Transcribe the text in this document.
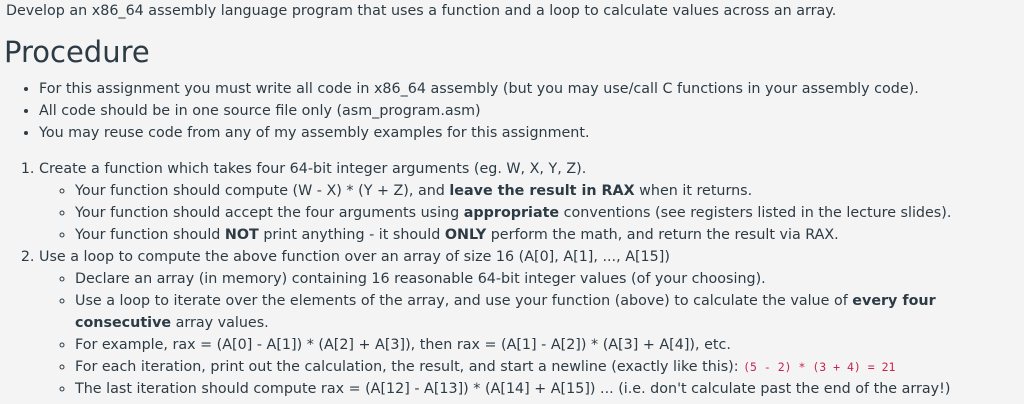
Develop an x86_64 assembly language program that uses a function and a loop to calculate values across an array.

Procedure
• For this assignment you must write all code in x86_64 assembly (but you may use/call C functions in your assembly code).
• All code should be in one source file only (asm_program.asm)
• You may reuse code from any of my assembly examples for this assignment.
1. Create a function which takes four 64-bit integer arguments (eg. W, X, Y, Z).
◦ Your function should compute (W - X) * (Y + Z), and leave the result in RAX when it returns.
◦ Your function should accept the four arguments using appropriate conventions (see registers listed in the lecture slides).
◦ Your function should NOT print anything - it should ONLY perform the math, and return the result via RAX.
2. Use a loop to compute the above function over an array of size 16 (A[0], A[1], ..., A[15])
◦ Declare an array (in memory) containing 16 reasonable 64-bit integer values (of your choosing).
◦ Use a loop to iterate over the elements of the array, and use your function (above) to calculate the value of every four
consecutive array values.
◦ For example, rax = (A[0] - A[1]) * (A[2] + A[3]), then rax = (A[1] - A[2]) * (A[3] + A[4]), etc.
◦ For each iteration, print out the calculation, the result, and start a newline (exactly like this): (5 - 2) * (3 + 4) = 21
◦ The last iteration should compute rax = (A[12] - A[13]) * (A[14] + A[15]) ... (i.e. don't calculate past the end of the array!)
